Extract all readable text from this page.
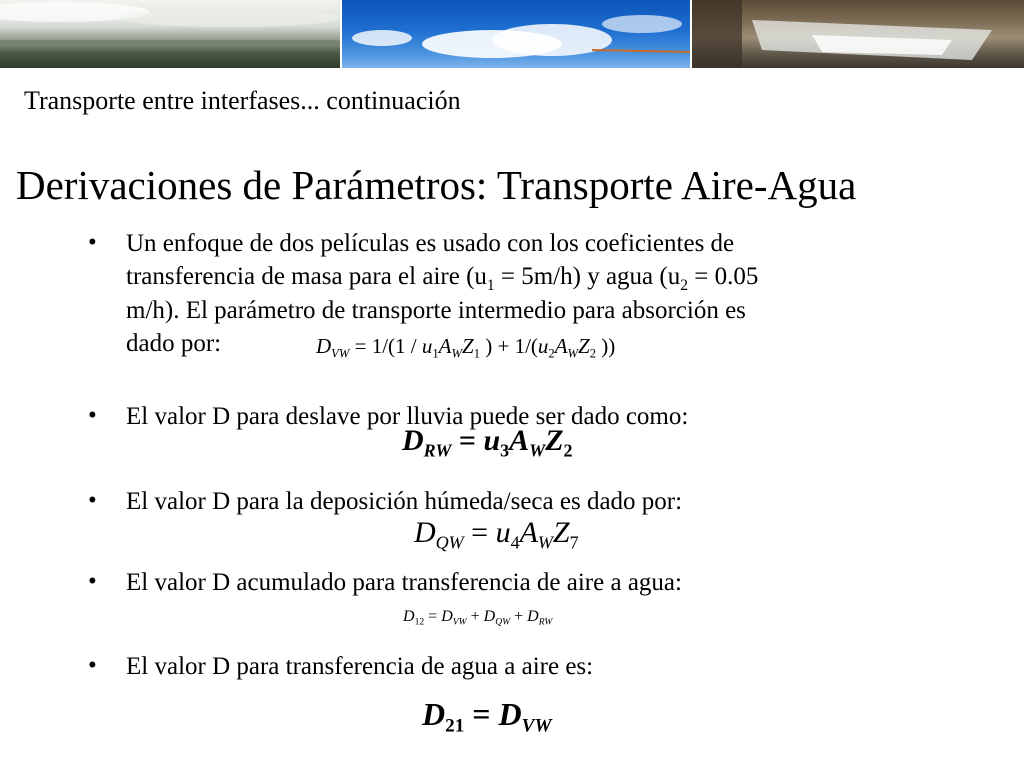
Transporte entre interfases... continuación
Derivaciones de Parámetros: Transporte Aire-Agua
• Un enfoque de dos películas es usado con los coeficientes de
transferencia de masa para el aire $(u_1 = 5m/h)$ y agua ($u_2 = 0.05$
m/h). El parámetro de transporte intermedio para absorción es
dado por:	$D_{VW} = 1/(1 / u_1A_WZ_1$ ) + $1/(u_2A_WZ_2$ ))
• El valor D para deslave por lluvia puede ser dado como:
$D_{RW} = u_3A_WZ_2$
• El valor D para la deposición húmeda/seca es dado por:
$D_{QW} = u_4A_WZ_7$
• El valor D acumulado para transferencia de aire a agua:
$D_{12} = D_{VW} + D_{QW} + D_{RW}$
• El valor D para transferencia de agua a aire es:
$D_{21} = D_{VW}$
